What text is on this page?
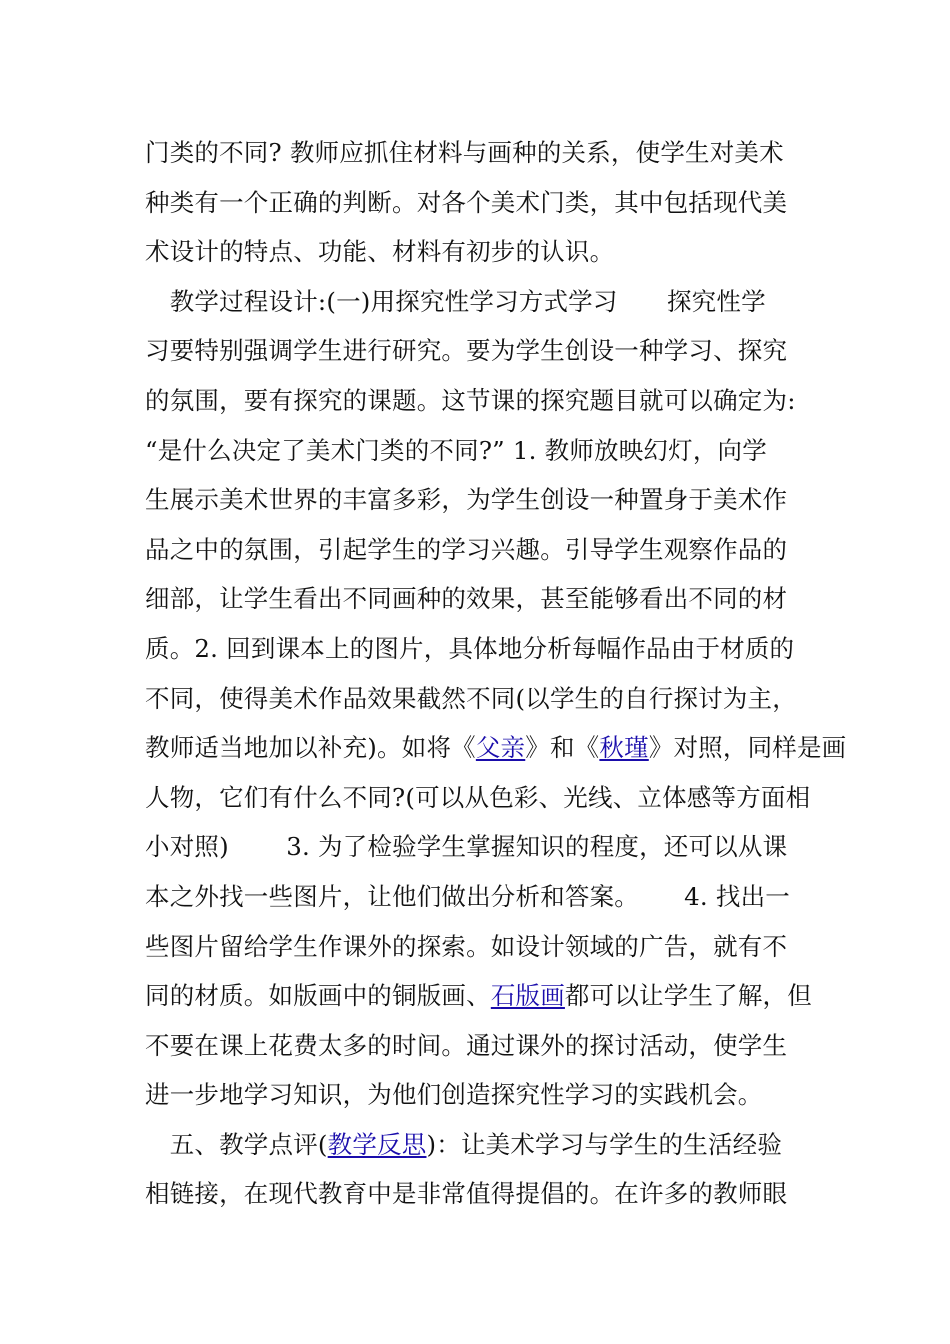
门类的不同? 教师应抓住材料与画种的关系，使学生对美术
种类有一个正确的判断。对各个美术门类，其中包括现代美
术设计的特点、功能、材料有初步的认识。
　教学过程设计:(一)用探究性学习方式学习　　探究性学
习要特别强调学生进行研究。要为学生创设一种学习、探究
的氛围，要有探究的课题。这节课的探究题目就可以确定为:
“是什么决定了美术门类的不同?” 1. 教师放映幻灯，向学
生展示美术世界的丰富多彩，为学生创设一种置身于美术作
品之中的氛围，引起学生的学习兴趣。引导学生观察作品的
细部，让学生看出不同画种的效果，甚至能够看出不同的材
质。2. 回到课本上的图片，具体地分析每幅作品由于材质的
不同，使得美术作品效果截然不同(以学生的自行探讨为主，
教师适当地加以补充)。如将《父亲》和《秋瑾》对照，同样是画
人物，它们有什么不同?(可以从色彩、光线、立体感等方面相
小对照)　　 3. 为了检验学生掌握知识的程度，还可以从课
本之外找一些图片，让他们做出分析和答案。　　 4. 找出一
些图片留给学生作课外的探索。如设计领域的广告，就有不
同的材质。如版画中的铜版画、石版画都可以让学生了解，但
不要在课上花费太多的时间。通过课外的探讨活动，使学生
进一步地学习知识，为他们创造探究性学习的实践机会。
　五、教学点评(教学反思)：让美术学习与学生的生活经验
相链接，在现代教育中是非常值得提倡的。在许多的教师眼
